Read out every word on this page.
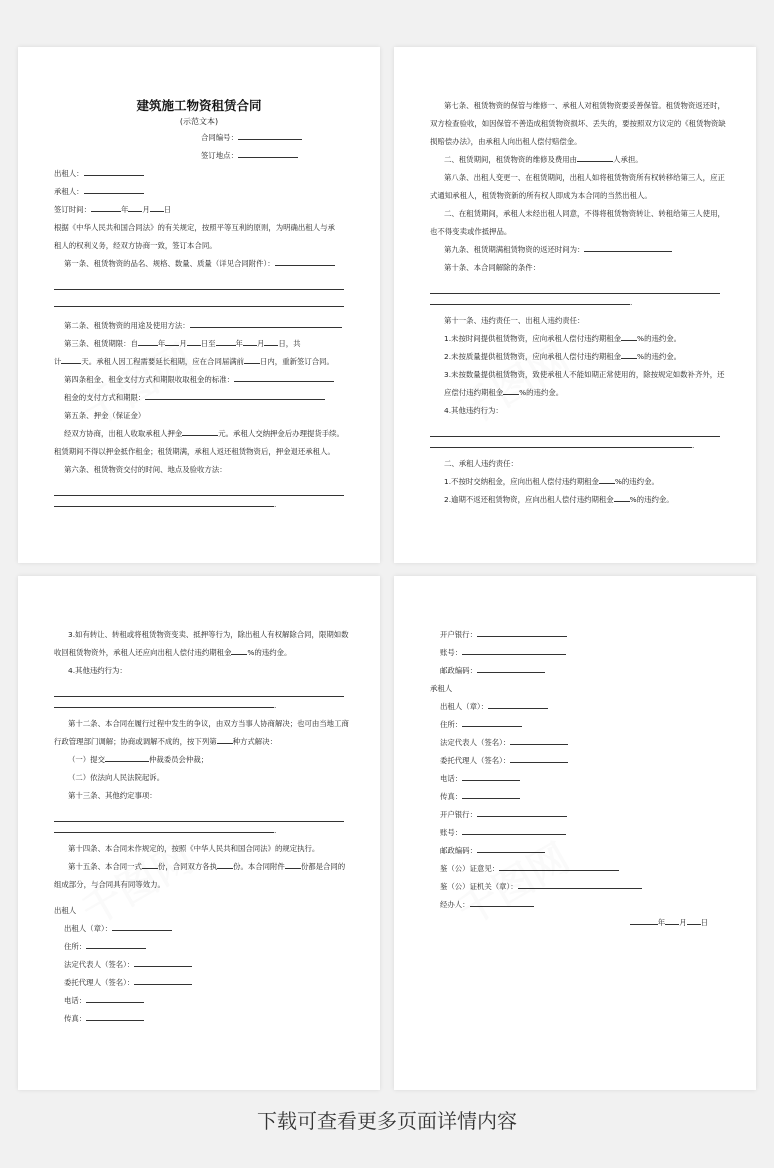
建筑施工物资租赁合同
(示范文本)
合同编号：
签订地点：
出租人：
承租人：
签订时间：	年 月 日
根据《中华人民共和国合同法》的有关规定，按照平等互利的原则，为明确出租人与承
租人的权利义务，经双方协商一致，签订本合同。
第一条、租赁物资的品名、规格、数量、质量（详见合同附件）：
第二条、租赁物资的用途及使用方法：
第三条、租赁期限：自	年 月 日至	年 月 日，共
计	天。承租人因工程需要延长租期，应在合同届满前 日内，重新签订合同。
第四条租金、租金支付方式和期限收取租金的标准：
租金的支付方式和期限：
第五条、押金（保证金）
经双方协商，出租人收取承租人押金	元。承租人交纳押金后办理提货手续。
租赁期间不得以押金抵作租金；租赁期满，承租人返还租赁物资后，押金退还承租人。
第六条、租赁物资交付的时间、地点及验收方法：
.
第七条、租赁物资的保管与维修一、承租人对租赁物资要妥善保管。租赁物资返还时，
双方检查验收，如因保管不善造成租赁物资损坏、丢失的，要按照双方议定的《租赁物资缺
损赔偿办法》，由承租人向出租人偿付赔偿金。
二、租赁期间，租赁物资的维修及费用由	人承担。
第八条、出租人变更一、在租赁期间，出租人如将租赁物资所有权转移给第三人，应正
式通知承租人，租赁物资新的所有权人即成为本合同的当然出租人。
二、在租赁期间，承租人未经出租人同意，不得将租赁物资转让、转租给第三人使用，
也不得变卖或作抵押品。
第九条、租赁期满租赁物资的返还时间为：
第十条、本合同解除的条件：
.
第十一条、违约责任一、出租人违约责任：
1.未按时间提供租赁物资，应向承租人偿付违约期租金 %的违约金。
2.未按质量提供租赁物资，应向承租人偿付违约期租金 %的违约金。
3.未按数量提供租赁物资，致使承租人不能如期正常使用的，除按规定如数补齐外，还
应偿付违约期租金 %的违约金。
4.其他违约行为：
.
二、承租人违约责任：
1.不按时交纳租金，应向出租人偿付违约期租金 %的违约金。
2.逾期不返还租赁物资，应向出租人偿付违约期租金 %的违约金。
3.如有转让、转租或将租赁物资变卖、抵押等行为，除出租人有权解除合同，限期如数
收回租赁物资外，承租人还应向出租人偿付违约期租金 %的违约金。
4.其他违约行为：
.
第十二条、本合同在履行过程中发生的争议，由双方当事人协商解决；也可由当地工商
行政管理部门调解；协商或调解不成的，按下列第 种方式解决：
（一）提交	仲裁委员会仲裁；
（二）依法向人民法院起诉。
第十三条、其他约定事项：
.
第十四条、本合同未作规定的，按照《中华人民共和国合同法》的规定执行。
第十五条、本合同一式 份，合同双方各执 份。本合同附件 份都是合同的
组成部分，与合同具有同等效力。
出租人
出租人（章）：
住所：
法定代表人（签名）：
委托代理人（签名）：
电话：
传真：
开户银行：
账号：
邮政编码：
承租人
出租人（章）：
住所：
法定代表人（签名）：
委托代理人（签名）：
电话：
传真：
开户银行：
账号：
邮政编码：
鉴（公）证意见：
鉴（公）证机关（章）：
经办人：
年 月 日
下载可查看更多页面详情内容
